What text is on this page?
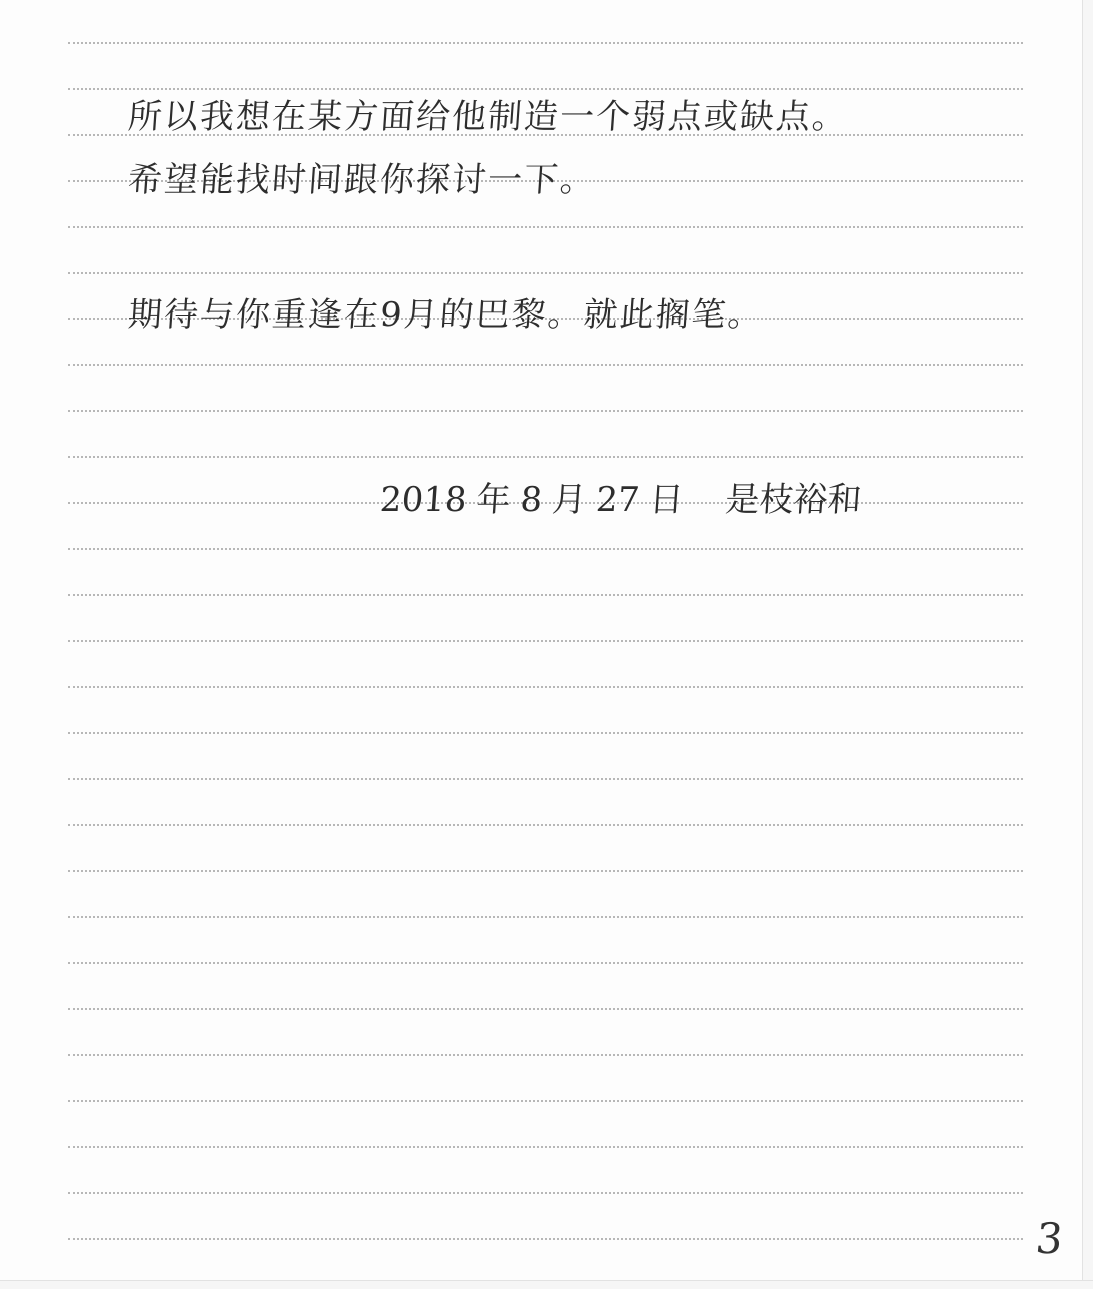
所以我想在某方面给他制造一个弱点或缺点。

希望能找时间跟你探讨一下。

期待与你重逢在9月的巴黎。就此搁笔。

2018 年 8 月 27 日 是枝裕和
3
